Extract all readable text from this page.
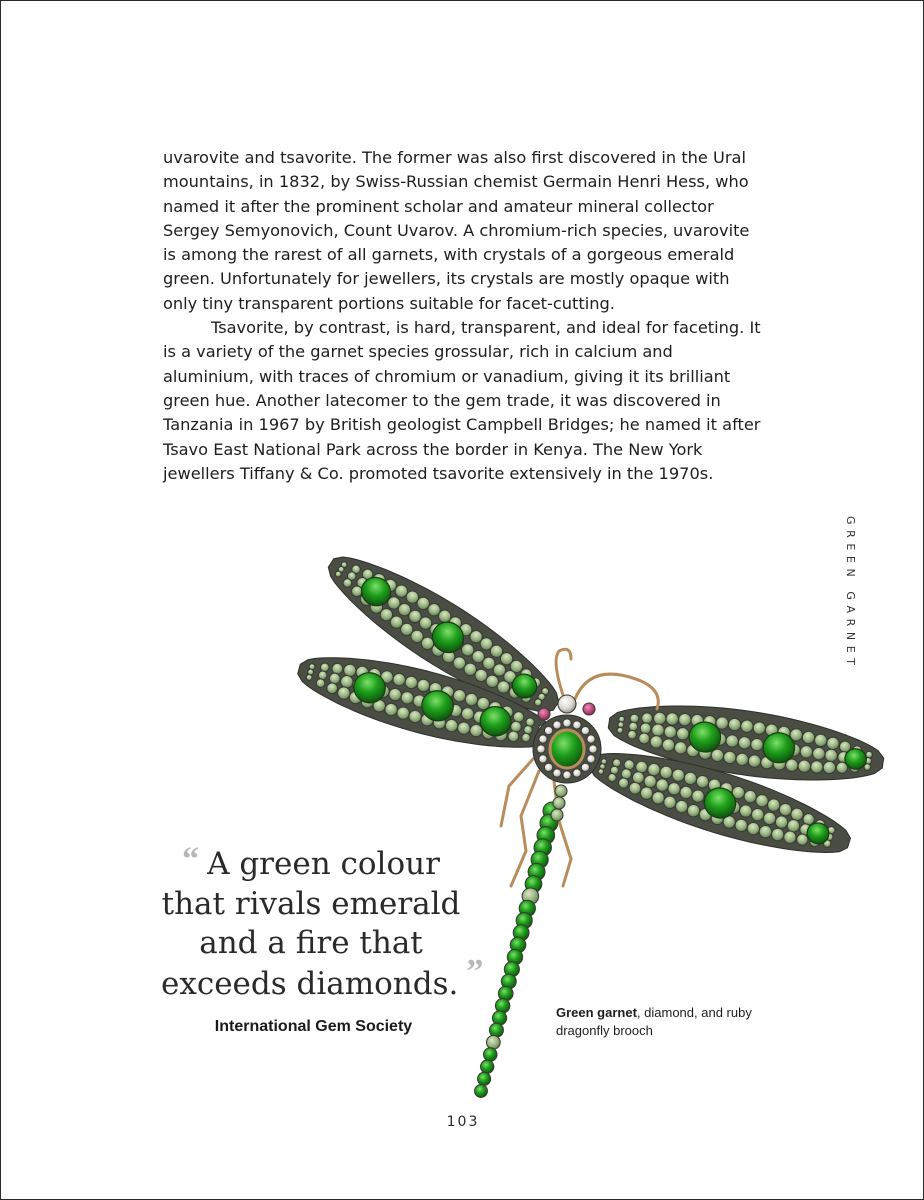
uvarovite and tsavorite. The former was also first discovered in the Ural mountains, in 1832, by Swiss-Russian chemist Germain Henri Hess, who named it after the prominent scholar and amateur mineral collector Sergey Semyonovich, Count Uvarov. A chromium-rich species, uvarovite is among the rarest of all garnets, with crystals of a gorgeous emerald green. Unfortunately for jewellers, its crystals are mostly opaque with only tiny transparent portions suitable for facet-cutting.

Tsavorite, by contrast, is hard, transparent, and ideal for faceting. It is a variety of the garnet species grossular, rich in calcium and aluminium, with traces of chromium or vanadium, giving it its brilliant green hue. Another latecomer to the gem trade, it was discovered in Tanzania in 1967 by British geologist Campbell Bridges; he named it after Tsavo East National Park across the border in Kenya. The New York jewellers Tiffany & Co. promoted tsavorite extensively in the 1970s.

GREEN GARNET
“ A green colour
that rivals emerald
and a fire that
exceeds diamonds. ”
International Gem Society
Green garnet, diamond, and ruby dragonfly brooch
103
